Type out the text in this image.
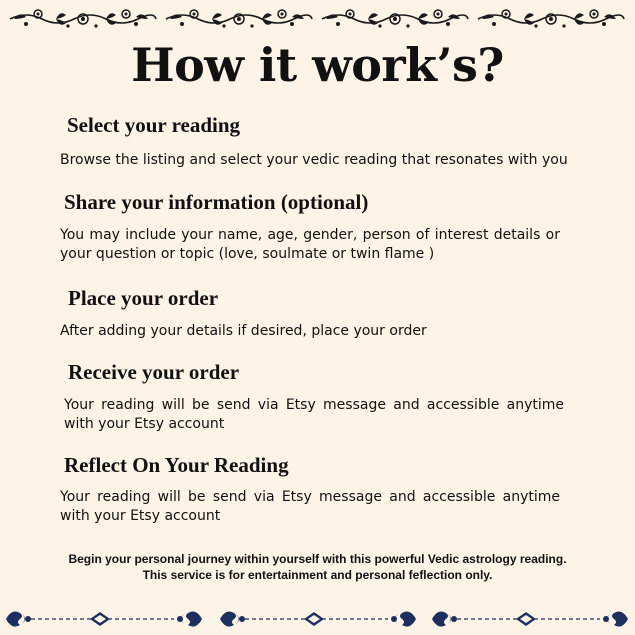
How it work’s?
Select your reading
Browse the listing and select your vedic reading that resonates with you
Share your information (optional)
You may include your name, age, gender, person of interest details or your question or topic (love, soulmate or twin flame )
Place your order
After adding your details if desired, place your order
Receive your order
Your reading will be send via Etsy message and accessible anytime with your Etsy account
Reflect On Your Reading
Your reading will be send via Etsy message and accessible anytime with your Etsy account
Begin your personal journey within yourself with this powerful Vedic astrology reading.
This service is for entertainment and personal feflection only.
